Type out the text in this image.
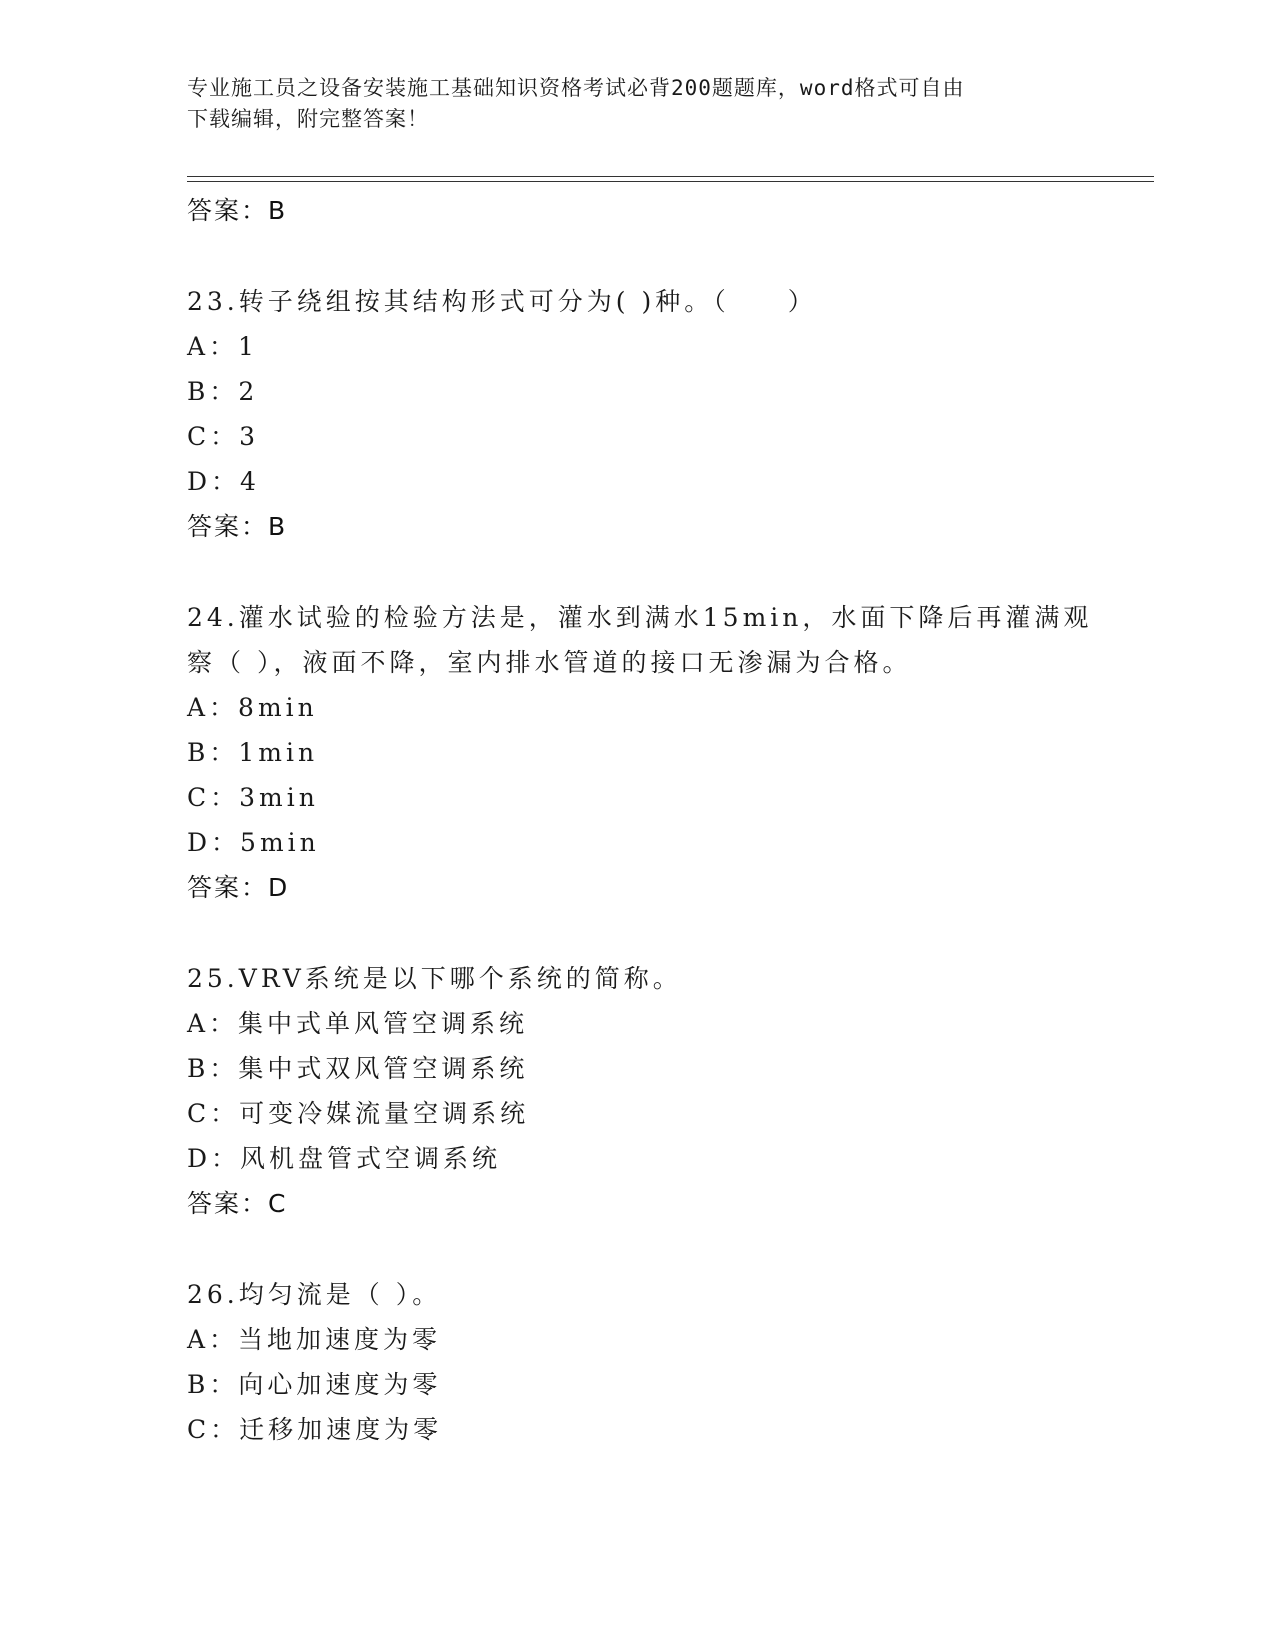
专业施工员之设备安装施工基础知识资格考试必背200题题库，word格式可自由
下载编辑，附完整答案！
答案：B
23.转子绕组按其结构形式可分为( )种。（　　）
A：1
B：2
C：3
D：4
答案：B
24.灌水试验的检验方法是，灌水到满水15min，水面下降后再灌满观
察（ ），液面不降，室内排水管道的接口无渗漏为合格。
A：8min
B：1min
C：3min
D：5min
答案：D
25.VRV系统是以下哪个系统的简称。
A：集中式单风管空调系统
B：集中式双风管空调系统
C：可变冷媒流量空调系统
D：风机盘管式空调系统
答案：C
26.均匀流是（ ）。
A：当地加速度为零
B：向心加速度为零
C：迁移加速度为零
